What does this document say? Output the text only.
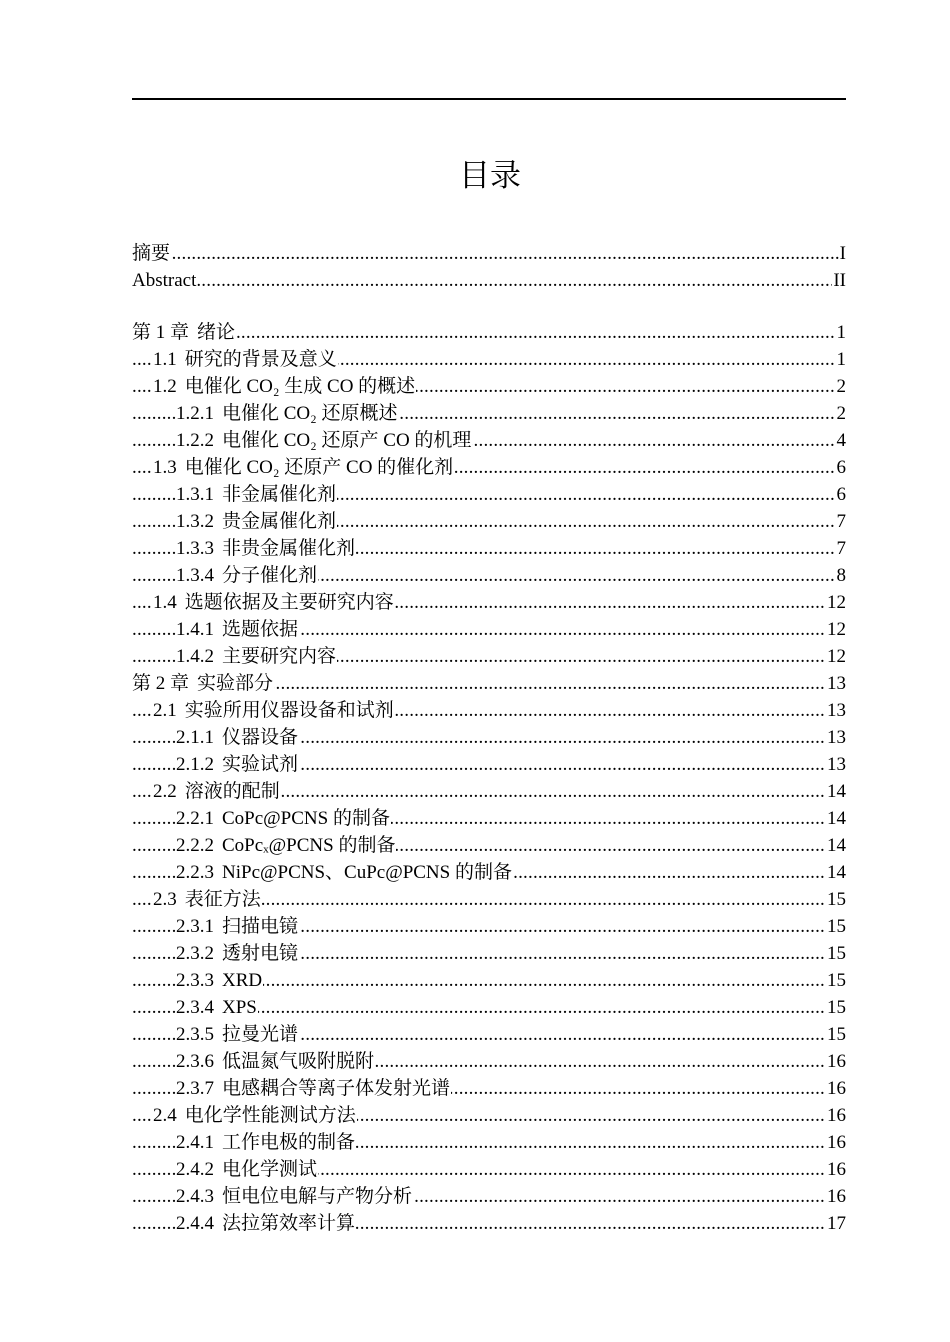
目录
摘要	I
.....
Abstract	II
.....
第 1 章 绪论	1
.....
1.1 研究的背景及意义	1
.....
1.2 电催化 CO₂ 生成 CO 的概述	2
.....
1.2.1 电催化 CO₂ 还原概述	2
.....
1.2.2 电催化 CO₂ 还原产 CO 的机理	4
.....
1.3 电催化 CO₂ 还原产 CO 的催化剂	6
.....
1.3.1 非金属催化剂	6
.....
1.3.2 贵金属催化剂	7
.....
1.3.3 非贵金属催化剂	7
.....
1.3.4 分子催化剂	8
.....
1.4 选题依据及主要研究内容	12
.....
1.4.1 选题依据	12
.....
1.4.2 主要研究内容	12
.....
第 2 章 实验部分	13
.....
2.1 实验所用仪器设备和试剂	13
.....
2.1.1 仪器设备	13
.....
2.1.2 实验试剂	13
.....
2.2 溶液的配制	14
.....
2.2.1 CoPc@PCNS 的制备	14
.....
2.2.2 CoPcₓ@PCNS 的制备	14
.....
2.2.3 NiPc@PCNS、CuPc@PCNS 的制备	14
.....
2.3 表征方法	15
.....
2.3.1 扫描电镜	15
.....
2.3.2 透射电镜	15
.....
2.3.3 XRD	15
.....
2.3.4 XPS	15
.....
2.3.5 拉曼光谱	15
.....
2.3.6 低温氮气吸附脱附	16
.....
2.3.7 电感耦合等离子体发射光谱	16
.....
2.4 电化学性能测试方法	16
.....
2.4.1 工作电极的制备	16
.....
2.4.2 电化学测试	16
.....
2.4.3 恒电位电解与产物分析	16
.....
2.4.4 法拉第效率计算	17
.....
